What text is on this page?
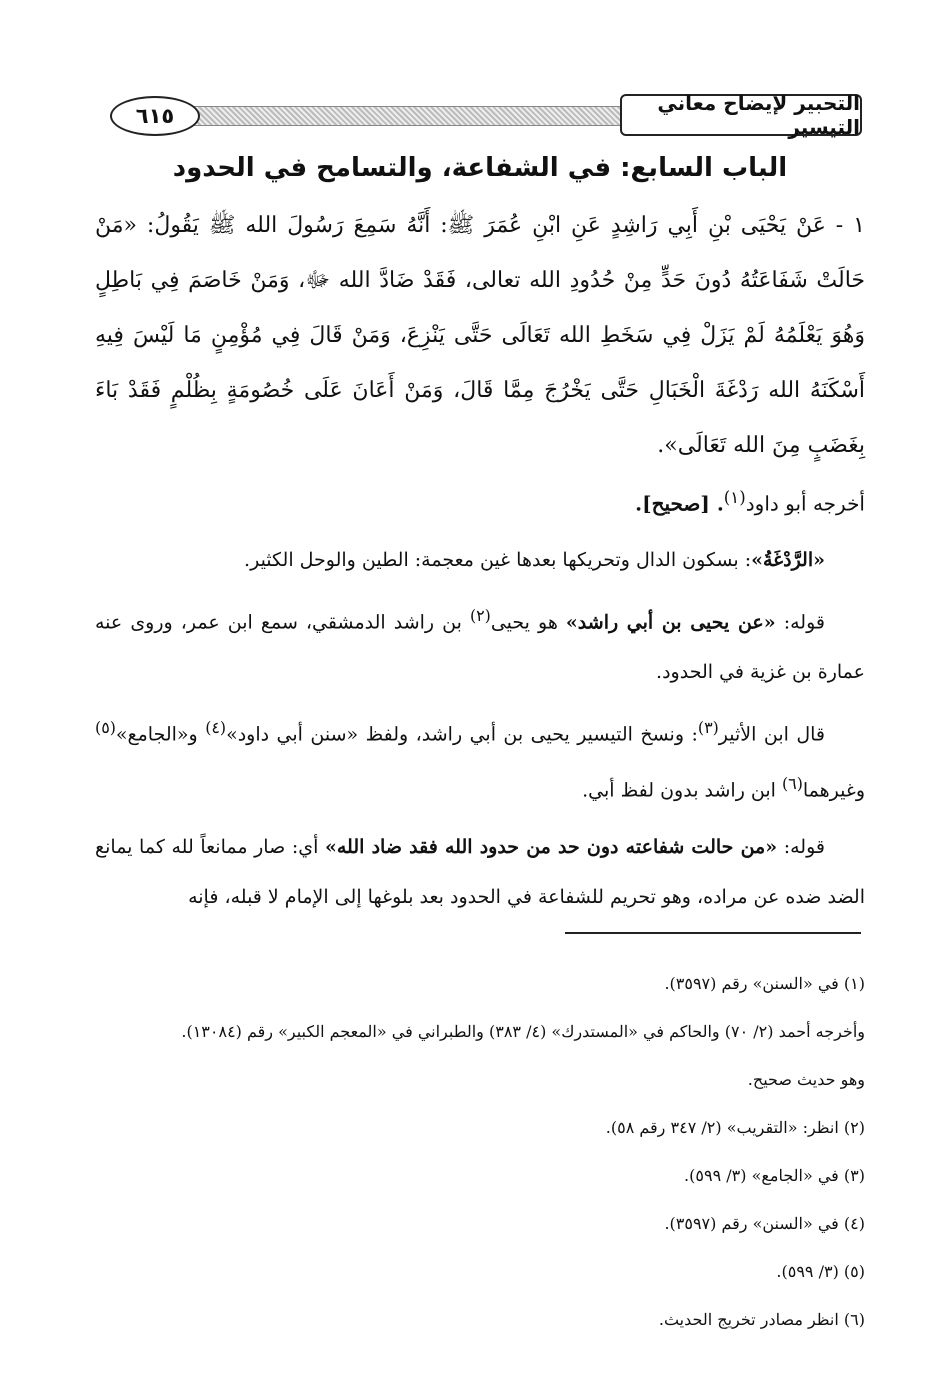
٦١٥
التحبير لإيضاح معاني التيسير
الباب السابع: في الشفاعة، والتسامح في الحدود

١ - عَنْ يَحْيَى بْنِ أَبِي رَاشِدٍ عَنِ ابْنِ عُمَرَ ﷺ: أَنَّهُ سَمِعَ رَسُولَ الله ﷺ يَقُولُ: «مَنْ حَالَتْ شَفَاعَتُهُ دُونَ حَدٍّ مِنْ حُدُودِ الله تعالى، فَقَدْ ضَادَّ الله ﷻ، وَمَنْ خَاصَمَ فِي بَاطِلٍ وَهُوَ يَعْلَمُهُ لَمْ يَزَلْ فِي سَخَطِ الله تَعَالَى حَتَّى يَنْزِعَ، وَمَنْ قَالَ فِي مُؤْمِنٍ مَا لَيْسَ فِيهِ أَسْكَنَهُ الله رَدْغَةَ الْخَبَالِ حَتَّى يَخْرُجَ مِمَّا قَالَ، وَمَنْ أَعَانَ عَلَى خُصُومَةٍ بِظُلْمٍ فَقَدْ بَاءَ بِغَضَبٍ مِنَ الله تَعَالَى».

أخرجه أبو داود$^{(١)}$. [صحيح].

«الرَّدْغَةُ»: بسكون الدال وتحريكها بعدها غين معجمة: الطين والوحل الكثير.

قوله: «عن يحيى بن أبي راشد» هو يحيى$^{(٢)}$ بن راشد الدمشقي، سمع ابن عمر، وروى عنه عمارة بن غزية في الحدود.

قال ابن الأثير$^{(٣)}$: ونسخ التيسير يحيى بن أبي راشد، ولفظ «سنن أبي داود»$^{(٤)}$ و«الجامع»$^{(٥)}$ وغيرهما$^{(٦)}$ ابن راشد بدون لفظ أبي.

قوله: «من حالت شفاعته دون حد من حدود الله فقد ضاد الله» أي: صار ممانعاً لله كما يمانع الضد ضده عن مراده، وهو تحريم للشفاعة في الحدود بعد بلوغها إلى الإمام لا قبله، فإنه

(١) في «السنن» رقم (٣٥٩٧).

وأخرجه أحمد (٢/ ٧٠) والحاكم في «المستدرك» (٤/ ٣٨٣) والطبراني في «المعجم الكبير» رقم (١٣٠٨٤).

وهو حديث صحيح.

(٢) انظر: «التقريب» (٢/ ٣٤٧ رقم ٥٨).

(٣) في «الجامع» (٣/ ٥٩٩).

(٤) في «السنن» رقم (٣٥٩٧).

(٥) (٣/ ٥٩٩).

(٦) انظر مصادر تخريج الحديث.
